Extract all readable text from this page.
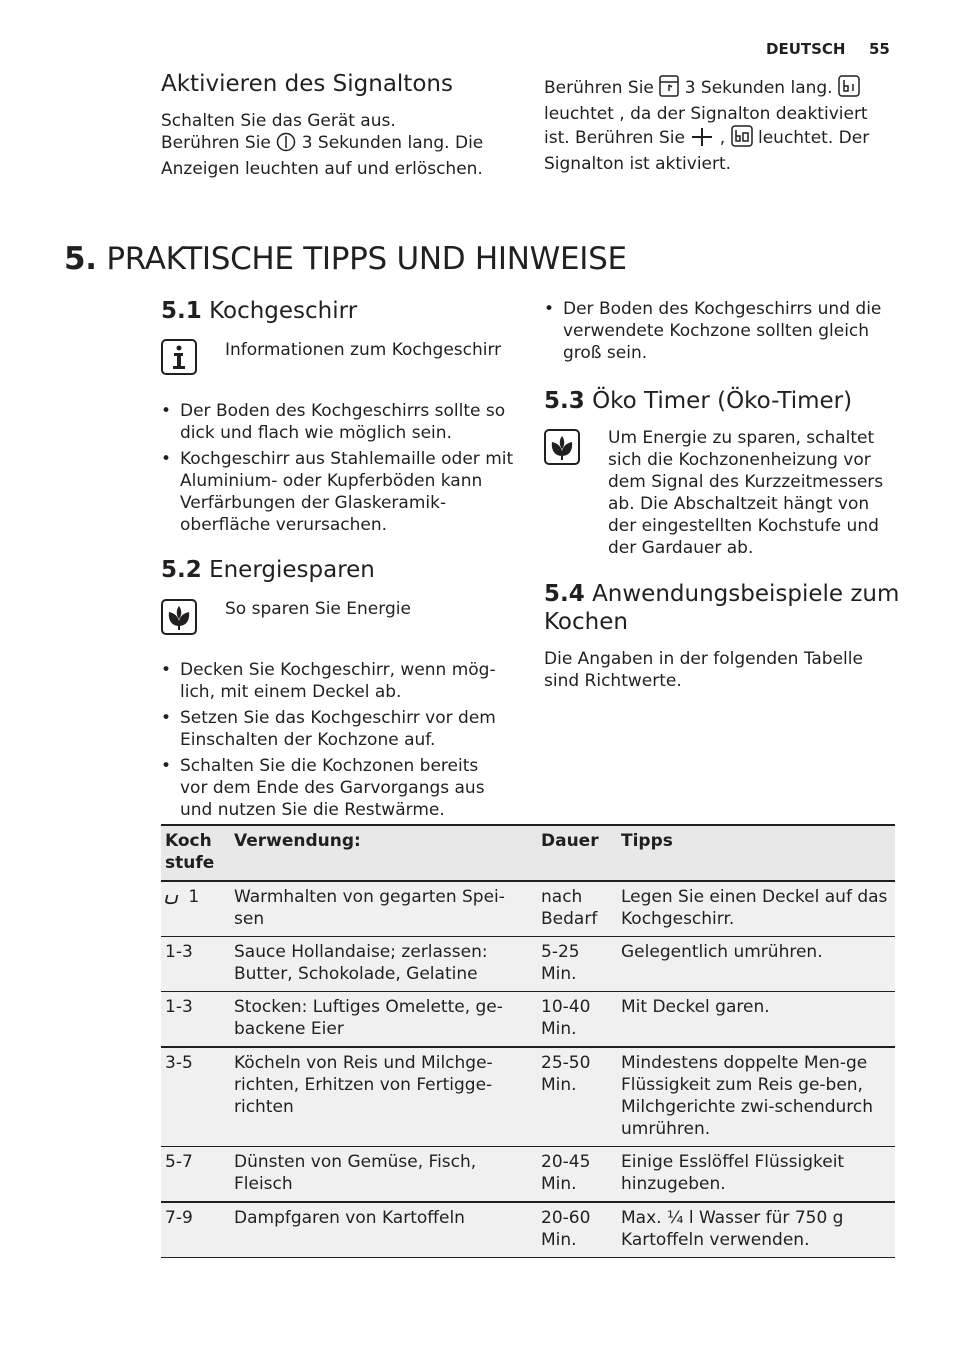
DEUTSCH 55
Aktivieren des Signaltons

Schalten Sie das Gerät aus.

Berühren Sie 3 Sekunden lang. Die Anzeigen leuchten auf und erlöschen.

Berühren Sie 3 Sekunden lang.  leuchtet , da der Signalton deaktiviert ist. Berühren Sie , leuchtet. Der Signalton ist aktiviert.

5. PRAKTISCHE TIPPS UND HINWEISE
5.1 Kochgeschirr

Informationen zum Kochgeschirr

• Der Boden des Kochgeschirrs sollte so dick und flach wie möglich sein.
• Kochgeschirr aus Stahlemaille oder mit Aluminium- oder Kupferböden kann Verfärbungen der Glaskeramik-oberfläche verursachen.
5.2 Energiesparen

So sparen Sie Energie

• Decken Sie Kochgeschirr, wenn mög-lich, mit einem Deckel ab.
• Setzen Sie das Kochgeschirr vor dem Einschalten der Kochzone auf.
• Schalten Sie die Kochzonen bereits vor dem Ende des Garvorgangs aus und nutzen Sie die Restwärme.
• Der Boden des Kochgeschirrs und die verwendete Kochzone sollten gleich groß sein.
5.3 Öko Timer (Öko-Timer)

Um Energie zu sparen, schaltet sich die Kochzonenheizung vor dem Signal des Kurzzeitmessers ab. Die Abschaltzeit hängt von der eingestellten Kochstufe und der Gardauer ab.

5.4 Anwendungsbeispiele zum Kochen

Die Angaben in der folgenden Tabelle sind Richtwerte.

Koch stufe	Verwendung:	Dauer	Tipps
1	Warmhalten von gegarten Spei-sen	nach Bedarf	Legen Sie einen Deckel auf das Kochgeschirr.
1-3	Sauce Hollandaise; zerlassen: Butter, Schokolade, Gelatine	5-25 Min.	Gelegentlich umrühren.
1-3	Stocken: Luftiges Omelette, ge-backene Eier	10-40 Min.	Mit Deckel garen.
3-5	Köcheln von Reis und Milchge-richten, Erhitzen von Fertigge-richten	25-50 Min.	Mindestens doppelte Men-ge Flüssigkeit zum Reis ge-ben, Milchgerichte zwi-schendurch umrühren.
5-7	Dünsten von Gemüse, Fisch, Fleisch	20-45 Min.	Einige Esslöffel Flüssigkeit hinzugeben.
7-9	Dampfgaren von Kartoffeln	20-60 Min.	Max. ¼ l Wasser für 750 g Kartoffeln verwenden.
